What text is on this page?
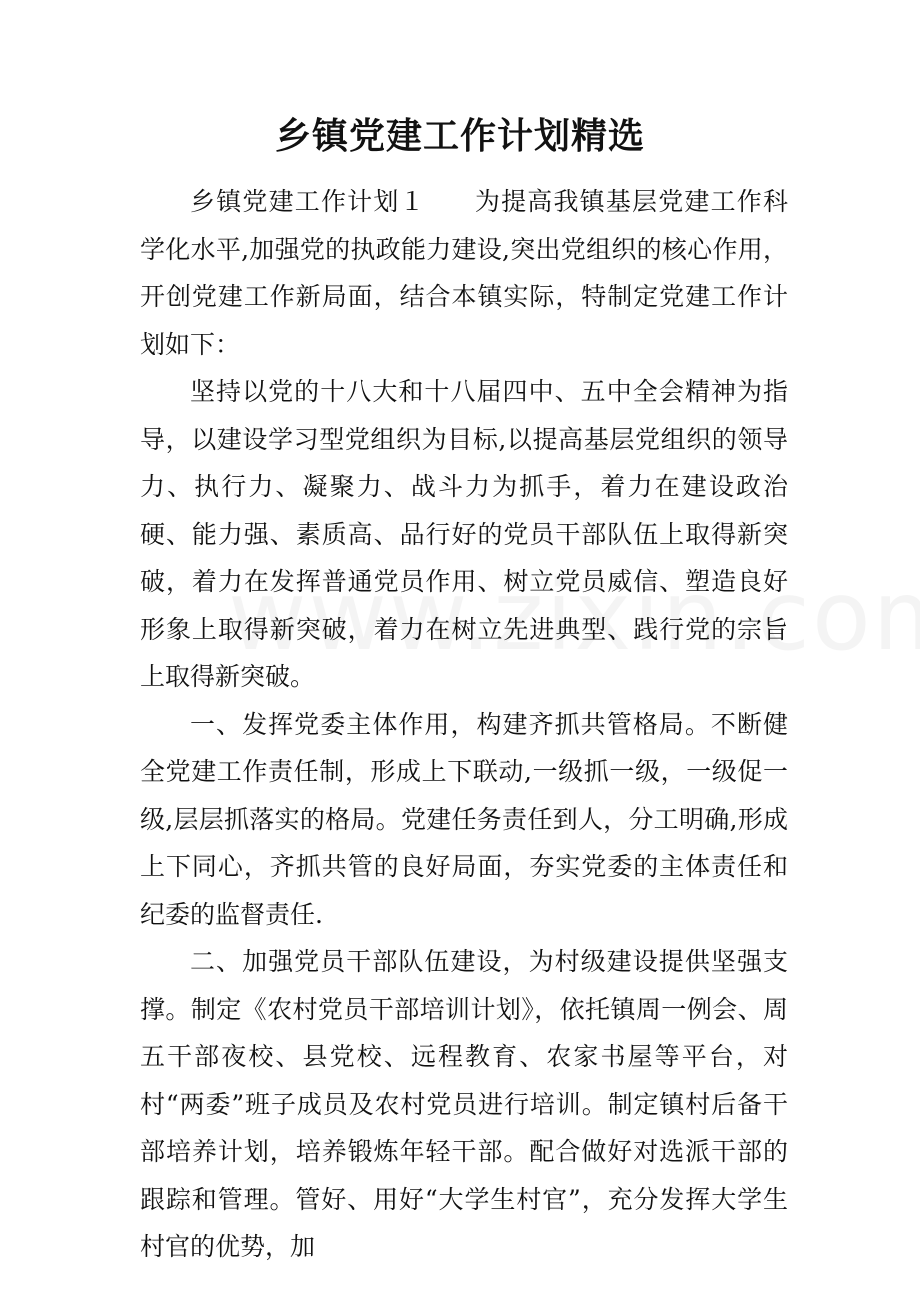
乡镇党建工作计划精选

乡镇党建工作计划１ 为提高我镇基层党建工作科学化水平,加强党的执政能力建设,突出党组织的核心作用，开创党建工作新局面，结合本镇实际，特制定党建工作计划如下：

坚持以党的十八大和十八届四中、五中全会精神为指导，以建设学习型党组织为目标,以提高基层党组织的领导力、执行力、凝聚力、战斗力为抓手，着力在建设政治硬、能力强、素质高、品行好的党员干部队伍上取得新突破，着力在发挥普通党员作用、树立党员威信、塑造良好形象上取得新突破，着力在树立先进典型、践行党的宗旨上取得新突破。

一、发挥党委主体作用，构建齐抓共管格局。不断健全党建工作责任制，形成上下联动,一级抓一级，一级促一级,层层抓落实的格局。党建任务责任到人，分工明确,形成上下同心，齐抓共管的良好局面，夯实党委的主体责任和纪委的监督责任.

二、加强党员干部队伍建设，为村级建设提供坚强支撑。制定《农村党员干部培训计划》，依托镇周一例会、周五干部夜校、县党校、远程教育、农家书屋等平台，对村“两委”班子成员及农村党员进行培训。制定镇村后备干部培养计划，培养锻炼年轻干部。配合做好对选派干部的跟踪和管理。管好、用好“大学生村官”，充分发挥大学生村官的优势，加
